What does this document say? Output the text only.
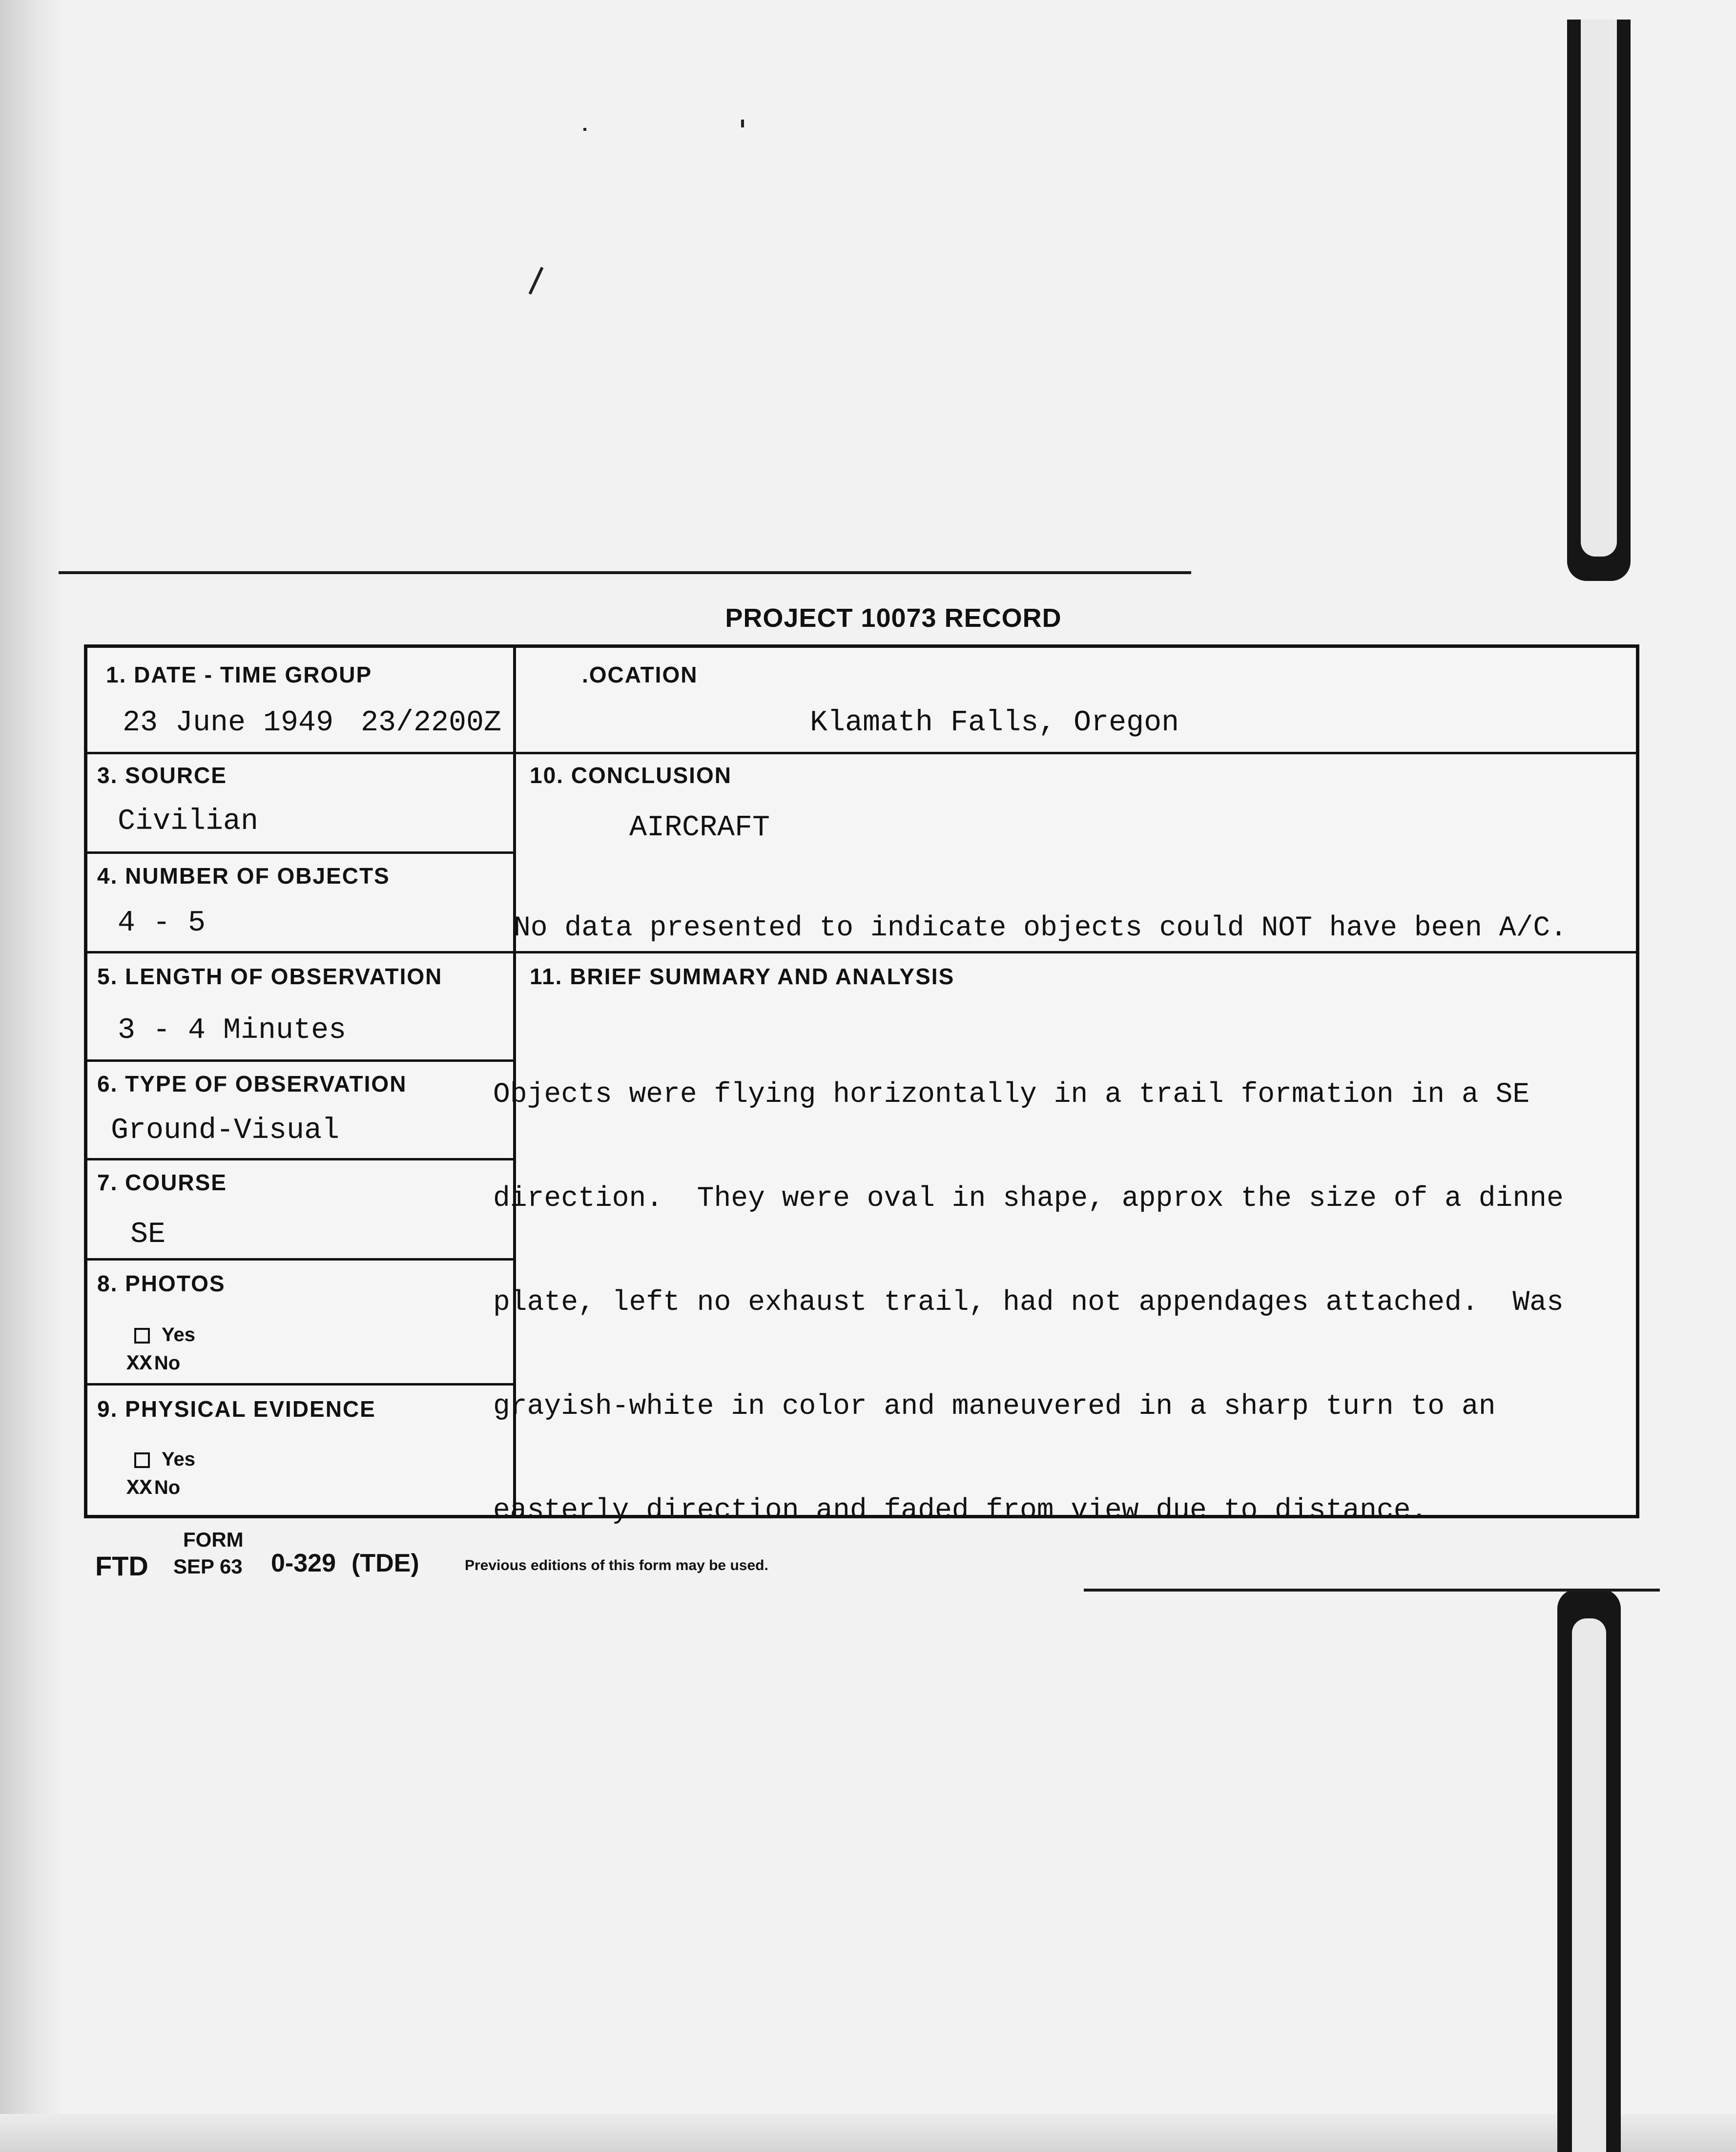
PROJECT 10073 RECORD
1. DATE - TIME GROUP
23 June 1949 23/2200Z
.OCATION
Klamath Falls, Oregon
3. SOURCE
Civilian
4. NUMBER OF OBJECTS
4 - 5
5. LENGTH OF OBSERVATION
3 - 4 Minutes
6. TYPE OF OBSERVATION
Ground-Visual
7. COURSE
SE
8. PHOTOS
Yes
XX No
9. PHYSICAL EVIDENCE
Yes
XX No
10. CONCLUSION
AIRCRAFT
No data presented to indicate objects could NOT have been A/C.
11. BRIEF SUMMARY AND ANALYSIS

Objects were flying horizontally in a trail formation in a SE

direction.  They were oval in shape, approx the size of a dinne

plate, left no exhaust trail, had not appendages attached.  Was

grayish-white in color and maneuvered in a sharp turn to an

easterly direction and faded from view due to distance.

FORM
FTD SEP 63 0-329 (TDE)	Previous editions of this form may be used.
